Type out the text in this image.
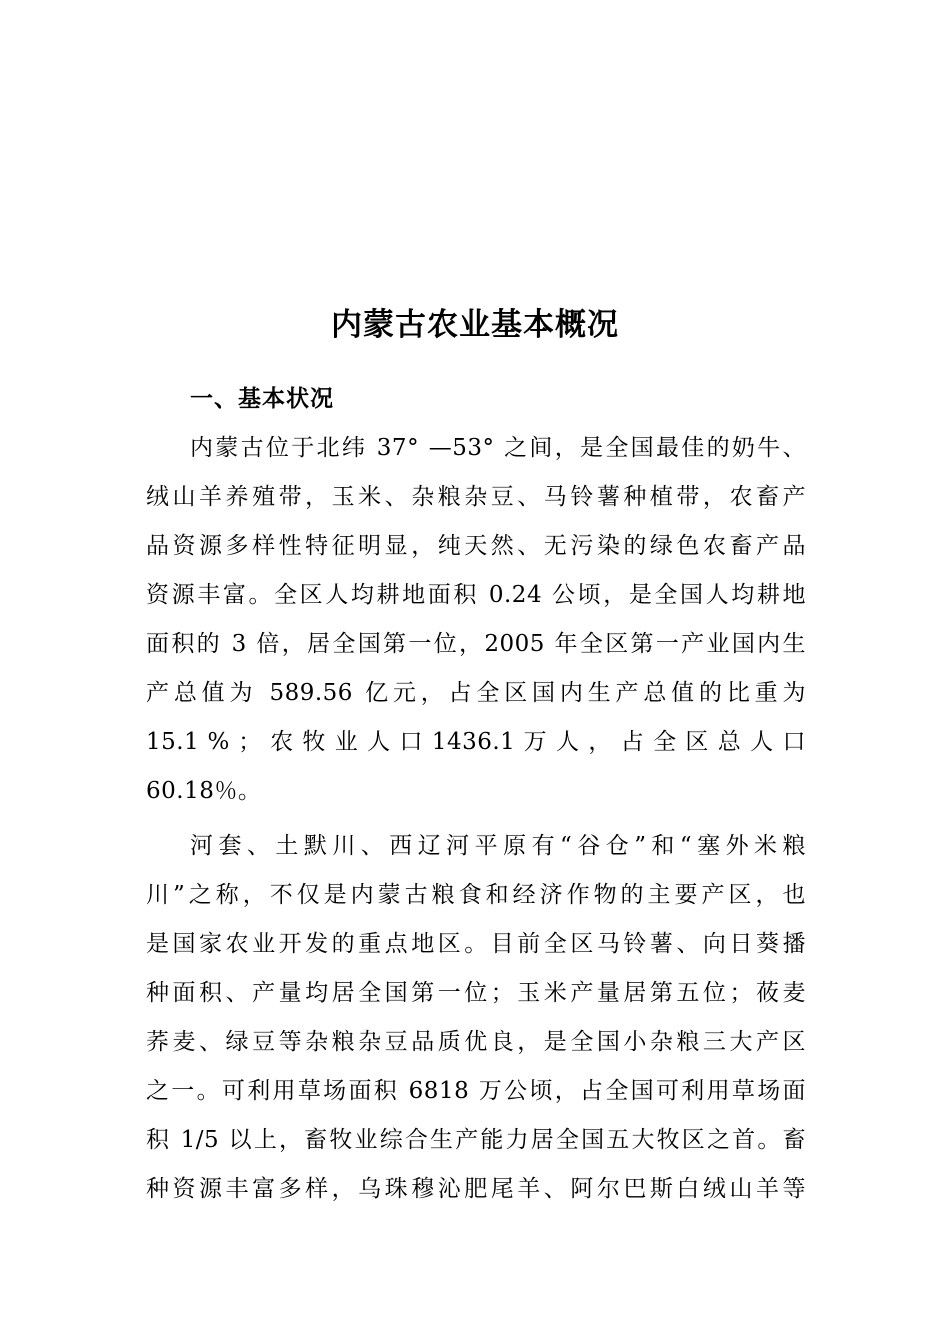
内蒙古农业基本概况
一、基本状况
内蒙古位于北纬 37° —53° 之间，是全国最佳的奶牛、
绒山羊养殖带，玉米、杂粮杂豆、马铃薯种植带，农畜产
品资源多样性特征明显，纯天然、无污染的绿色农畜产品
资源丰富。全区人均耕地面积 0.24 公顷，是全国人均耕地
面积的 3 倍，居全国第一位，2005 年全区第一产业国内生
产总值为 589.56 亿元，占全区国内生产总值的比重为
15.1 % ； 农 牧 业 人 口 1436.1 万 人 ， 占 全 区 总 人 口
60.18％。
河套、土默川、西辽河平原有“谷仓”和“塞外米粮
川”之称，不仅是内蒙古粮食和经济作物的主要产区，也
是国家农业开发的重点地区。目前全区马铃薯、向日葵播
种面积、产量均居全国第一位；玉米产量居第五位；莜麦
荞麦、绿豆等杂粮杂豆品质优良，是全国小杂粮三大产区
之一。可利用草场面积 6818 万公顷，占全国可利用草场面
积 1/5 以上，畜牧业综合生产能力居全国五大牧区之首。畜
种资源丰富多样，乌珠穆沁肥尾羊、阿尔巴斯白绒山羊等
